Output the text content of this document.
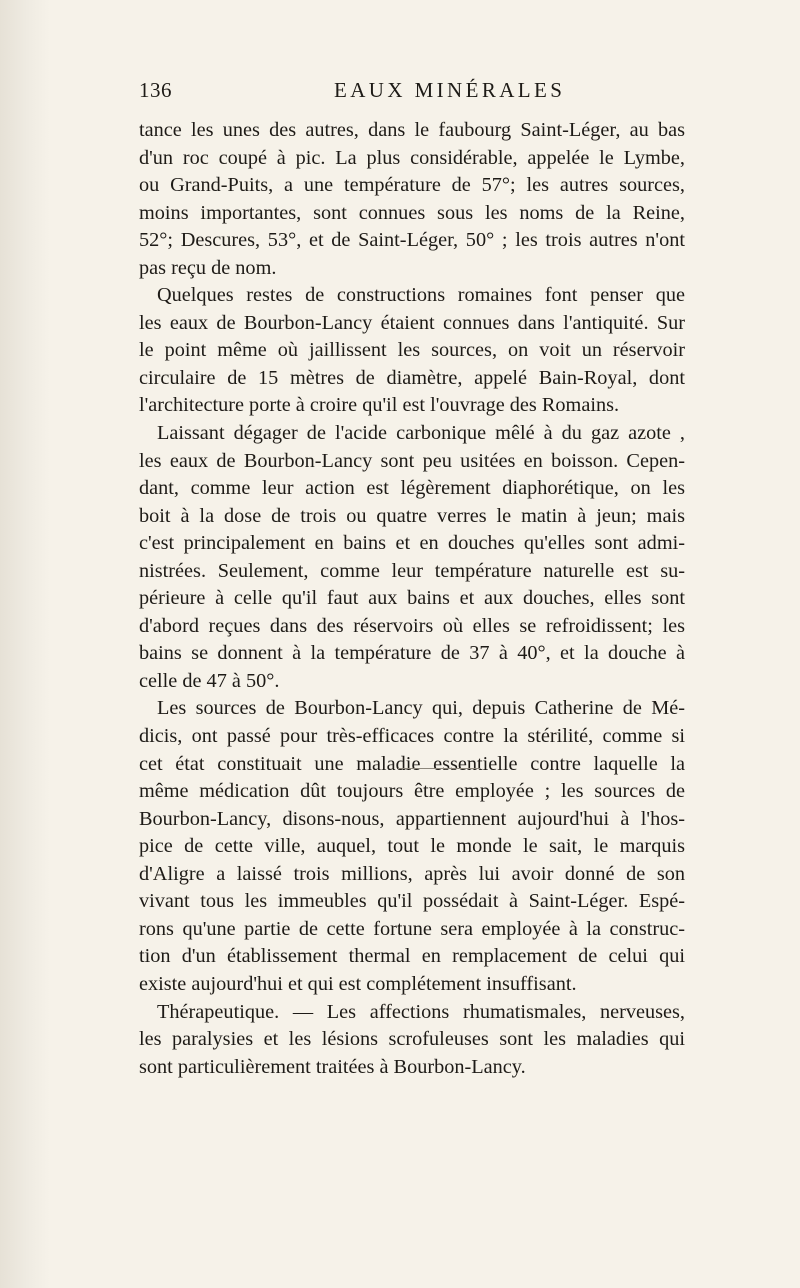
136	EAUX MINÉRALES
tance les unes des autres, dans le faubourg Saint-Léger, au bas
d'un roc coupé à pic. La plus considérable, appelée le Lymbe,
ou Grand-Puits, a une température de 57°; les autres sources,
moins importantes, sont connues sous les noms de la Reine,
52°; Descures, 53°, et de Saint-Léger, 50° ; les trois autres n'ont
pas reçu de nom.
Quelques restes de constructions romaines font penser que
les eaux de Bourbon-Lancy étaient connues dans l'antiquité. Sur
le point même où jaillissent les sources, on voit un réservoir
circulaire de 15 mètres de diamètre, appelé Bain-Royal, dont
l'architecture porte à croire qu'il est l'ouvrage des Romains.
Laissant dégager de l'acide carbonique mêlé à du gaz azote ,
les eaux de Bourbon-Lancy sont peu usitées en boisson. Cepen-
dant, comme leur action est légèrement diaphorétique, on les
boit à la dose de trois ou quatre verres le matin à jeun; mais
c'est principalement en bains et en douches qu'elles sont admi-
nistrées. Seulement, comme leur température naturelle est su-
périeure à celle qu'il faut aux bains et aux douches, elles sont
d'abord reçues dans des réservoirs où elles se refroidissent; les
bains se donnent à la température de 37 à 40°, et la douche à
celle de 47 à 50°.
Les sources de Bourbon-Lancy qui, depuis Catherine de Mé-
dicis, ont passé pour très-efficaces contre la stérilité, comme si
cet état constituait une maladie essentielle contre laquelle la
même médication dût toujours être employée ; les sources de
Bourbon-Lancy, disons-nous, appartiennent aujourd'hui à l'hos-
pice de cette ville, auquel, tout le monde le sait, le marquis
d'Aligre a laissé trois millions, après lui avoir donné de son
vivant tous les immeubles qu'il possédait à Saint-Léger. Espé-
rons qu'une partie de cette fortune sera employée à la construc-
tion d'un établissement thermal en remplacement de celui qui
existe aujourd'hui et qui est complétement insuffisant.
Thérapeutique. — Les affections rhumatismales, nerveuses,
les paralysies et les lésions scrofuleuses sont les maladies qui
sont particulièrement traitées à Bourbon-Lancy.
